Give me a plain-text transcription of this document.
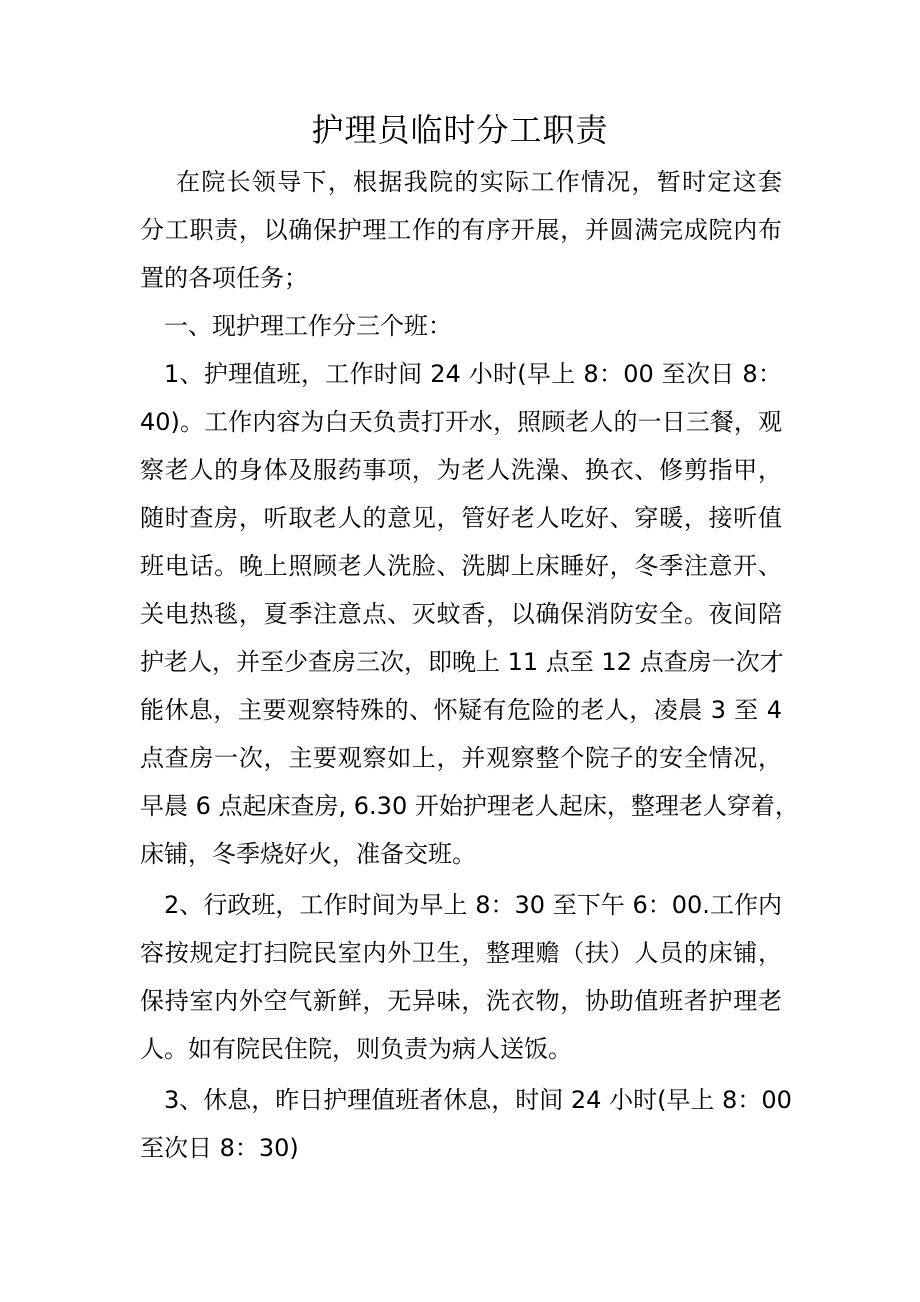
护理员临时分工职责
在院长领导下，根据我院的实际工作情况，暂时定这套
分工职责，以确保护理工作的有序开展，并圆满完成院内布
置的各项任务；
一、现护理工作分三个班：
1、护理值班，工作时间 24 小时(早上 8：00 至次日 8：
40)。工作内容为白天负责打开水，照顾老人的一日三餐，观
察老人的身体及服药事项，为老人洗澡、换衣、修剪指甲，
随时查房，听取老人的意见，管好老人吃好、穿暖，接听值
班电话。晚上照顾老人洗脸、洗脚上床睡好，冬季注意开、
关电热毯，夏季注意点、灭蚊香，以确保消防安全。夜间陪
护老人，并至少查房三次，即晚上 11 点至 12 点查房一次才
能休息，主要观察特殊的、怀疑有危险的老人，凌晨 3 至 4
点查房一次，主要观察如上，并观察整个院子的安全情况，
早晨 6 点起床查房, 6.30 开始护理老人起床，整理老人穿着，
床铺，冬季烧好火，准备交班。
2、行政班，工作时间为早上 8：30 至下午 6：00.工作内
容按规定打扫院民室内外卫生，整理赡（扶）人员的床铺，
保持室内外空气新鲜，无异味，洗衣物，协助值班者护理老
人。如有院民住院，则负责为病人送饭。
3、休息，昨日护理值班者休息，时间 24 小时(早上 8：00
至次日 8：30)
